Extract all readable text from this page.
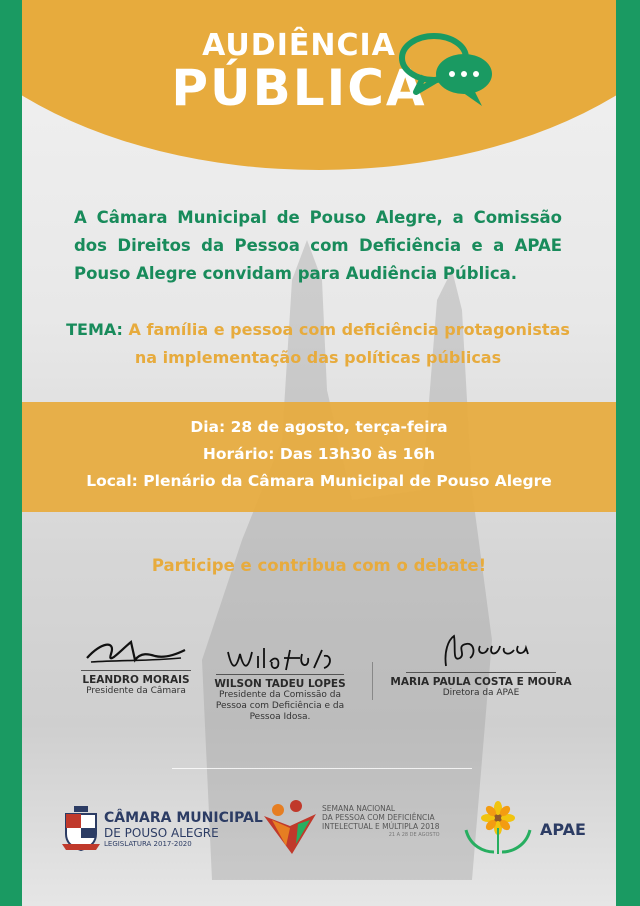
AUDIÊNCIA
PÚBLICA
A Câmara Municipal de Pouso Alegre, a Comissão dos Direitos da Pessoa com Deficiência e a APAE Pouso Alegre convidam para Audiência Pública.
TEMA: A família e pessoa com deficiência protagonistas
na implementação das políticas públicas
Dia: 28 de agosto, terça-feira
Horário: Das 13h30 às 16h
Local: Plenário da Câmara Municipal de Pouso Alegre
Participe e contribua com o debate!
LEANDRO MORAIS
Presidente da Câmara
WILSON TADEU LOPES
Presidente da Comissão da
Pessoa com Deficiência e da
Pessoa Idosa.
MARIA PAULA COSTA E MOURA
Diretora da APAE
CÂMARA MUNICIPAL
DE POUSO ALEGRE
LEGISLATURA 2017-2020
SEMANA NACIONAL
DA PESSOA COM DEFICIÊNCIA
INTELECTUAL E MÚLTIPLA 2018
21 A 28 DE AGOSTO	APAE
